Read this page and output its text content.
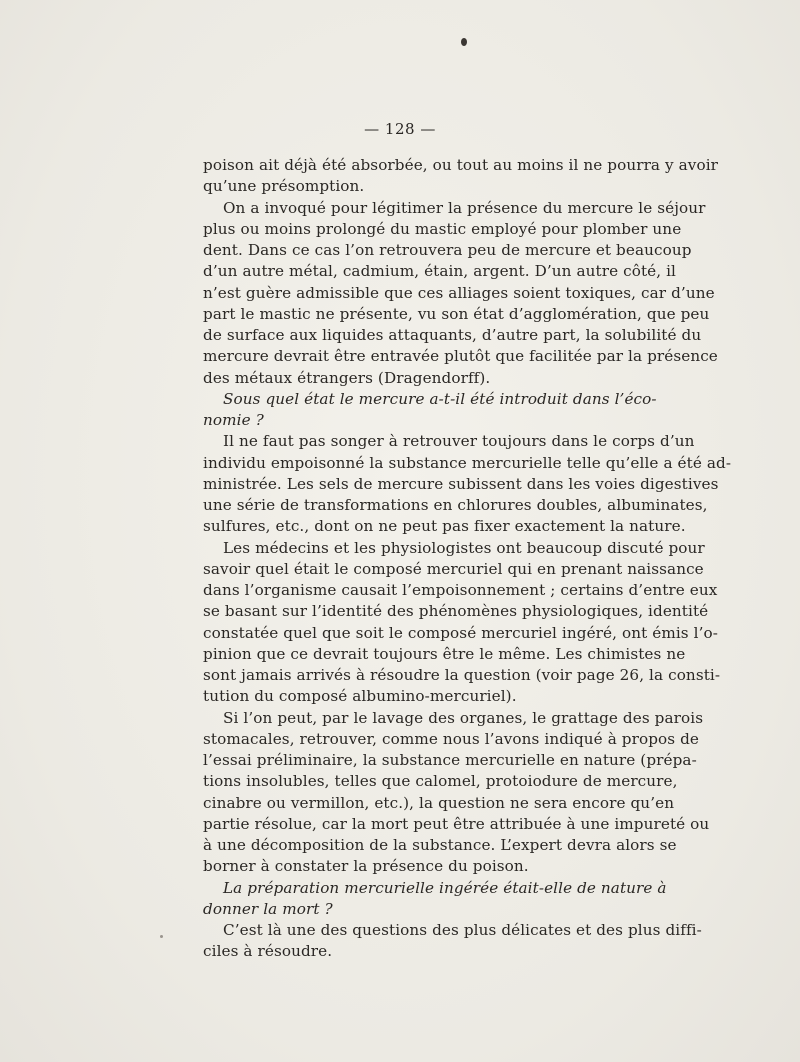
— 128 —
poison ait déjà été absorbée, ou tout au moins il ne pourra y avoir
qu’une présomption.
On a invoqué pour légitimer la présence du mercure le séjour
plus ou moins prolongé du mastic employé pour plomber une
dent. Dans ce cas l’on retrouvera peu de mercure et beaucoup
d’un autre métal, cadmium, étain, argent. D’un autre côté, il
n’est guère admissible que ces alliages soient toxiques, car d’une
part le mastic ne présente, vu son état d’agglomération, que peu
de surface aux liquides attaquants, d’autre part, la solubilité du
mercure devrait être entravée plutôt que facilitée par la présence
des métaux étrangers (Dragendorff).
Sous quel état le mercure a-t-il été introduit dans l’éco-
nomie ?
Il ne faut pas songer à retrouver toujours dans le corps d’un
individu empoisonné la substance mercurielle telle qu’elle a été ad-
ministrée. Les sels de mercure subissent dans les voies digestives
une série de transformations en chlorures doubles, albuminates,
sulfures, etc., dont on ne peut pas fixer exactement la nature.
Les médecins et les physiologistes ont beaucoup discuté pour
savoir quel était le composé mercuriel qui en prenant naissance
dans l’organisme causait l’empoisonnement ; certains d’entre eux
se basant sur l’identité des phénomènes physiologiques, identité
constatée quel que soit le composé mercuriel ingéré, ont émis l’o-
pinion que ce devrait toujours être le même. Les chimistes ne
sont jamais arrivés à résoudre la question (voir page 26, la consti-
tution du composé albumino-mercuriel).
Si l’on peut, par le lavage des organes, le grattage des parois
stomacales, retrouver, comme nous l’avons indiqué à propos de
l’essai préliminaire, la substance mercurielle en nature (prépa-
tions insolubles, telles que calomel, protoiodure de mercure,
cinabre ou vermillon, etc.), la question ne sera encore qu’en
partie résolue, car la mort peut être attribuée à une impureté ou
à une décomposition de la substance. L’expert devra alors se
borner à constater la présence du poison.
La préparation mercurielle ingérée était-elle de nature à
donner la mort ?
C’est là une des questions des plus délicates et des plus diffi-
ciles à résoudre.
